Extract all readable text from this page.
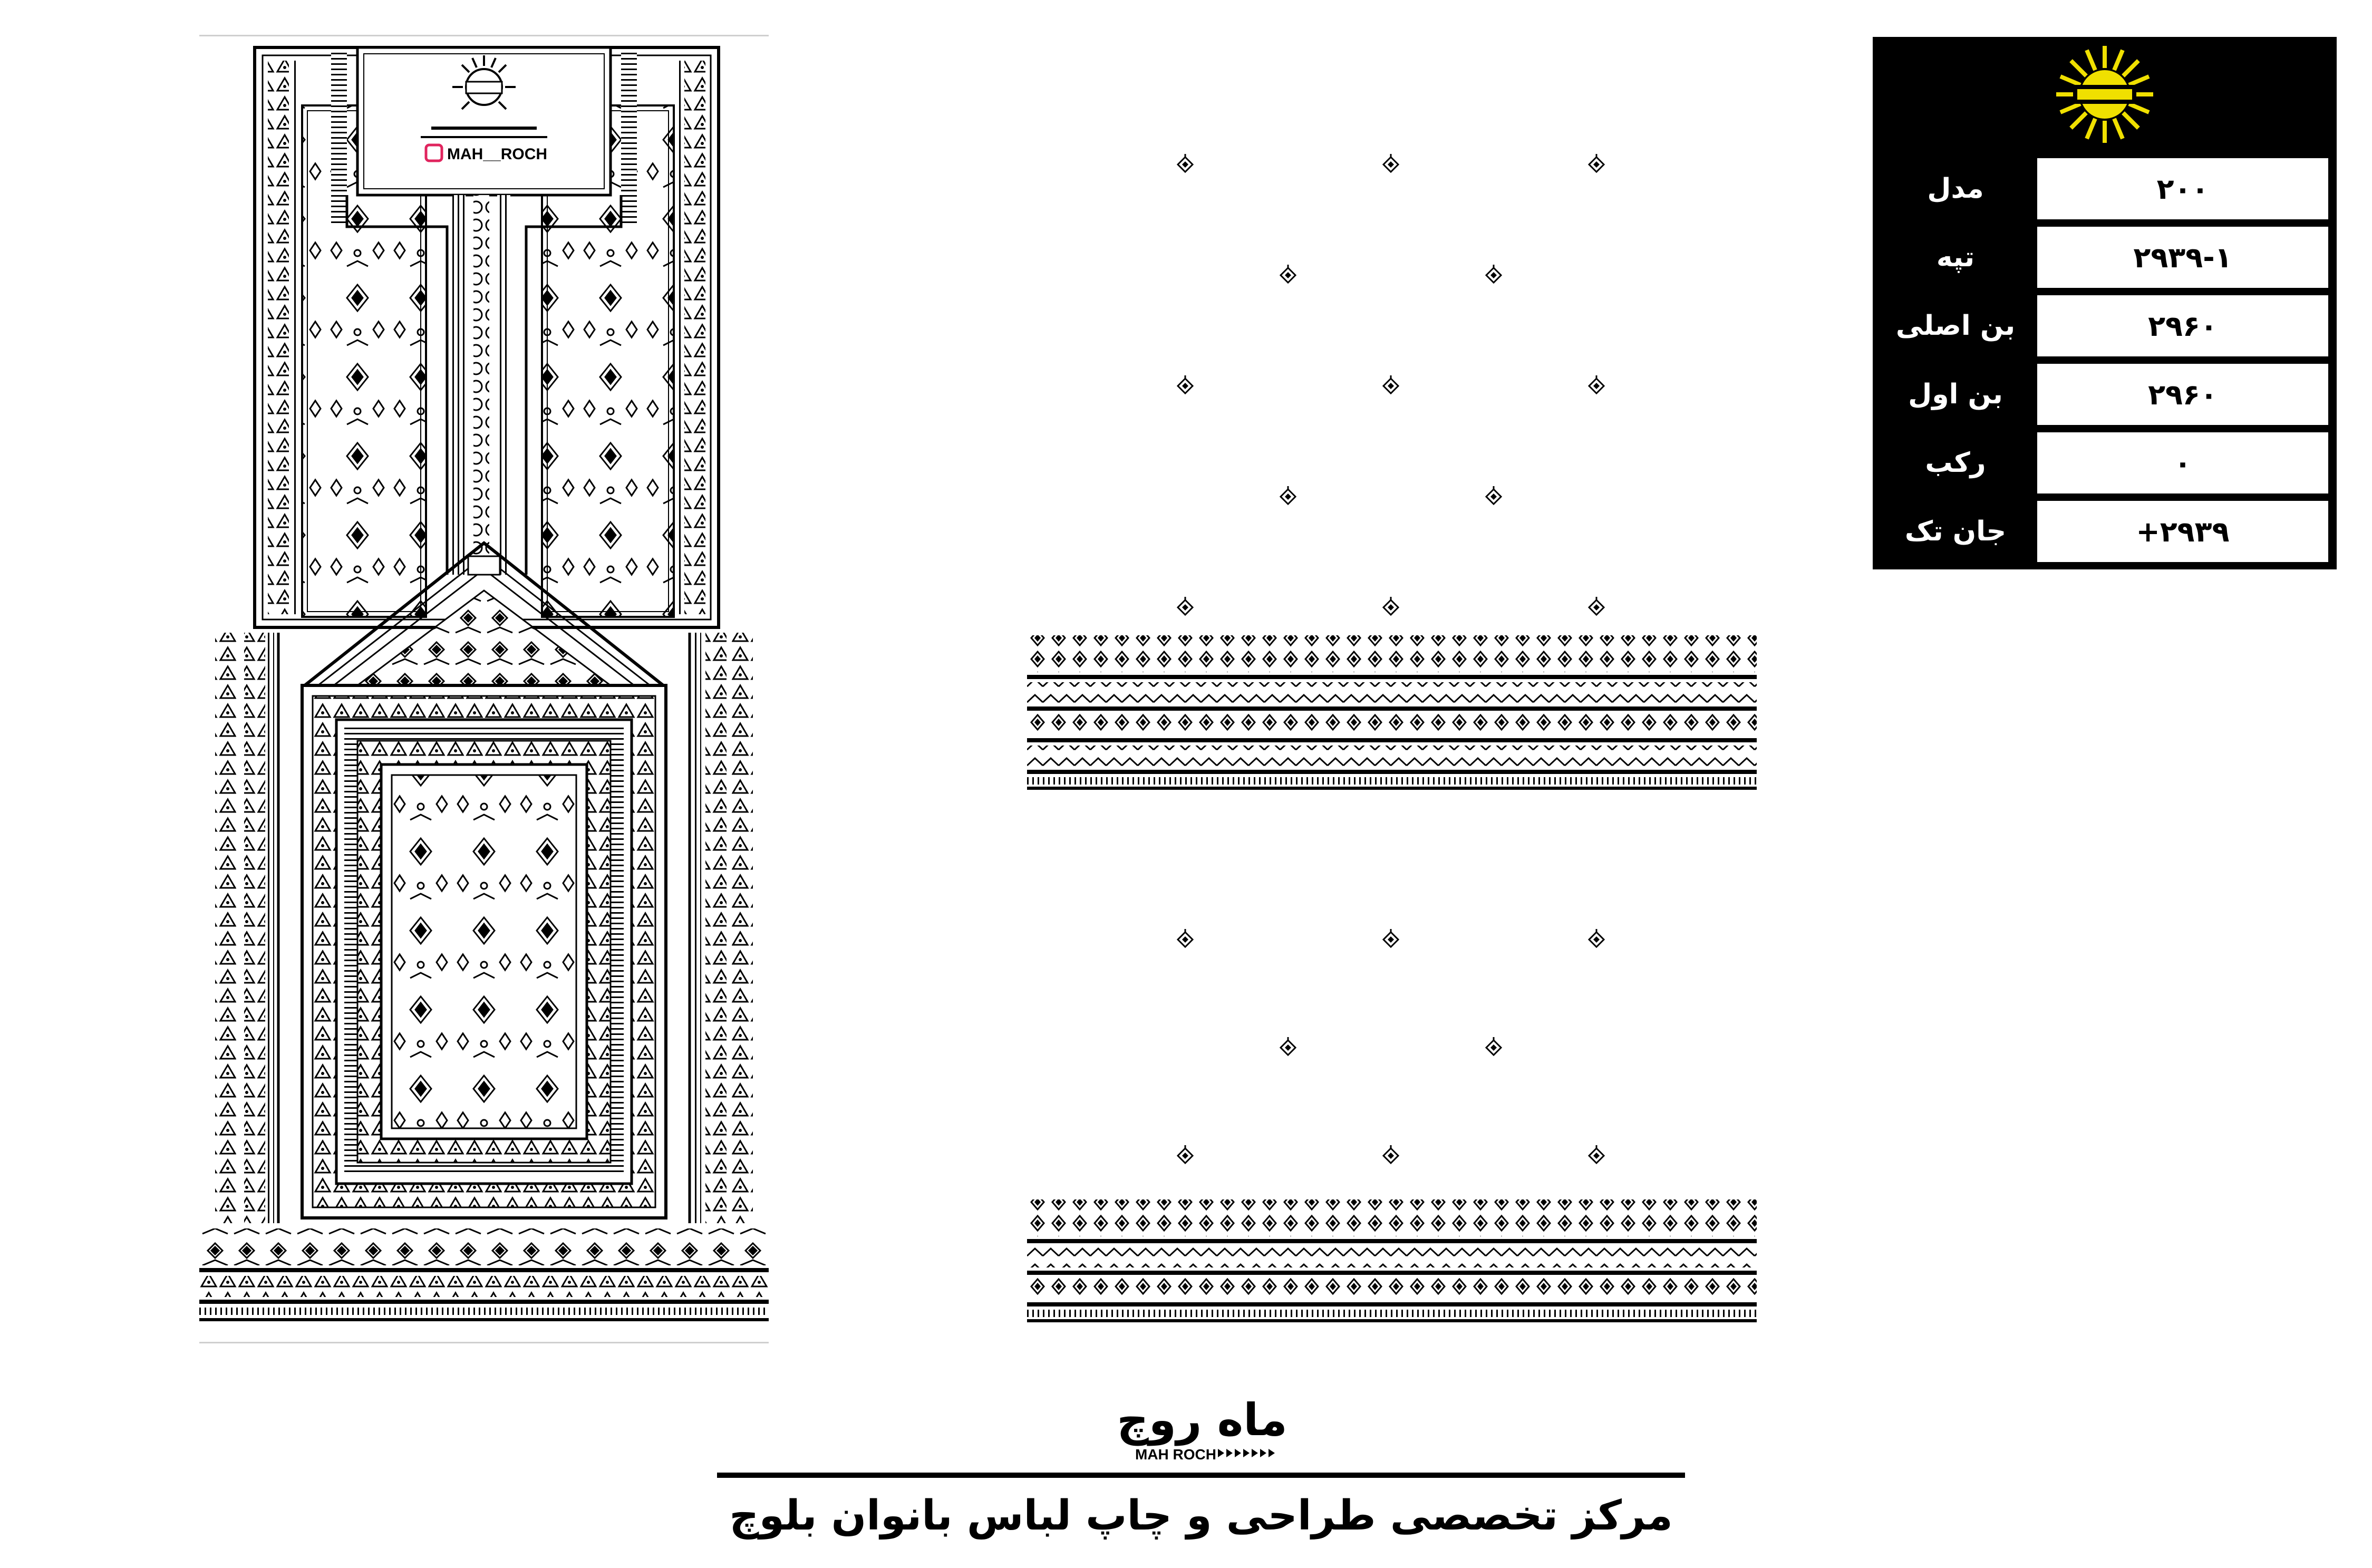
MAH__ROCH
مدل	۲۰۰
تپه	۲۹۳۹-۱
بن اصلی	۲۹۶۰
بن اول	۲۹۶۰
رکب	۰
جان تک	۲۹۳۹+
ماه روچ
MAH ROCH
مرکز تخصصی طراحی و چاپ لباس بانوان بلوچ
